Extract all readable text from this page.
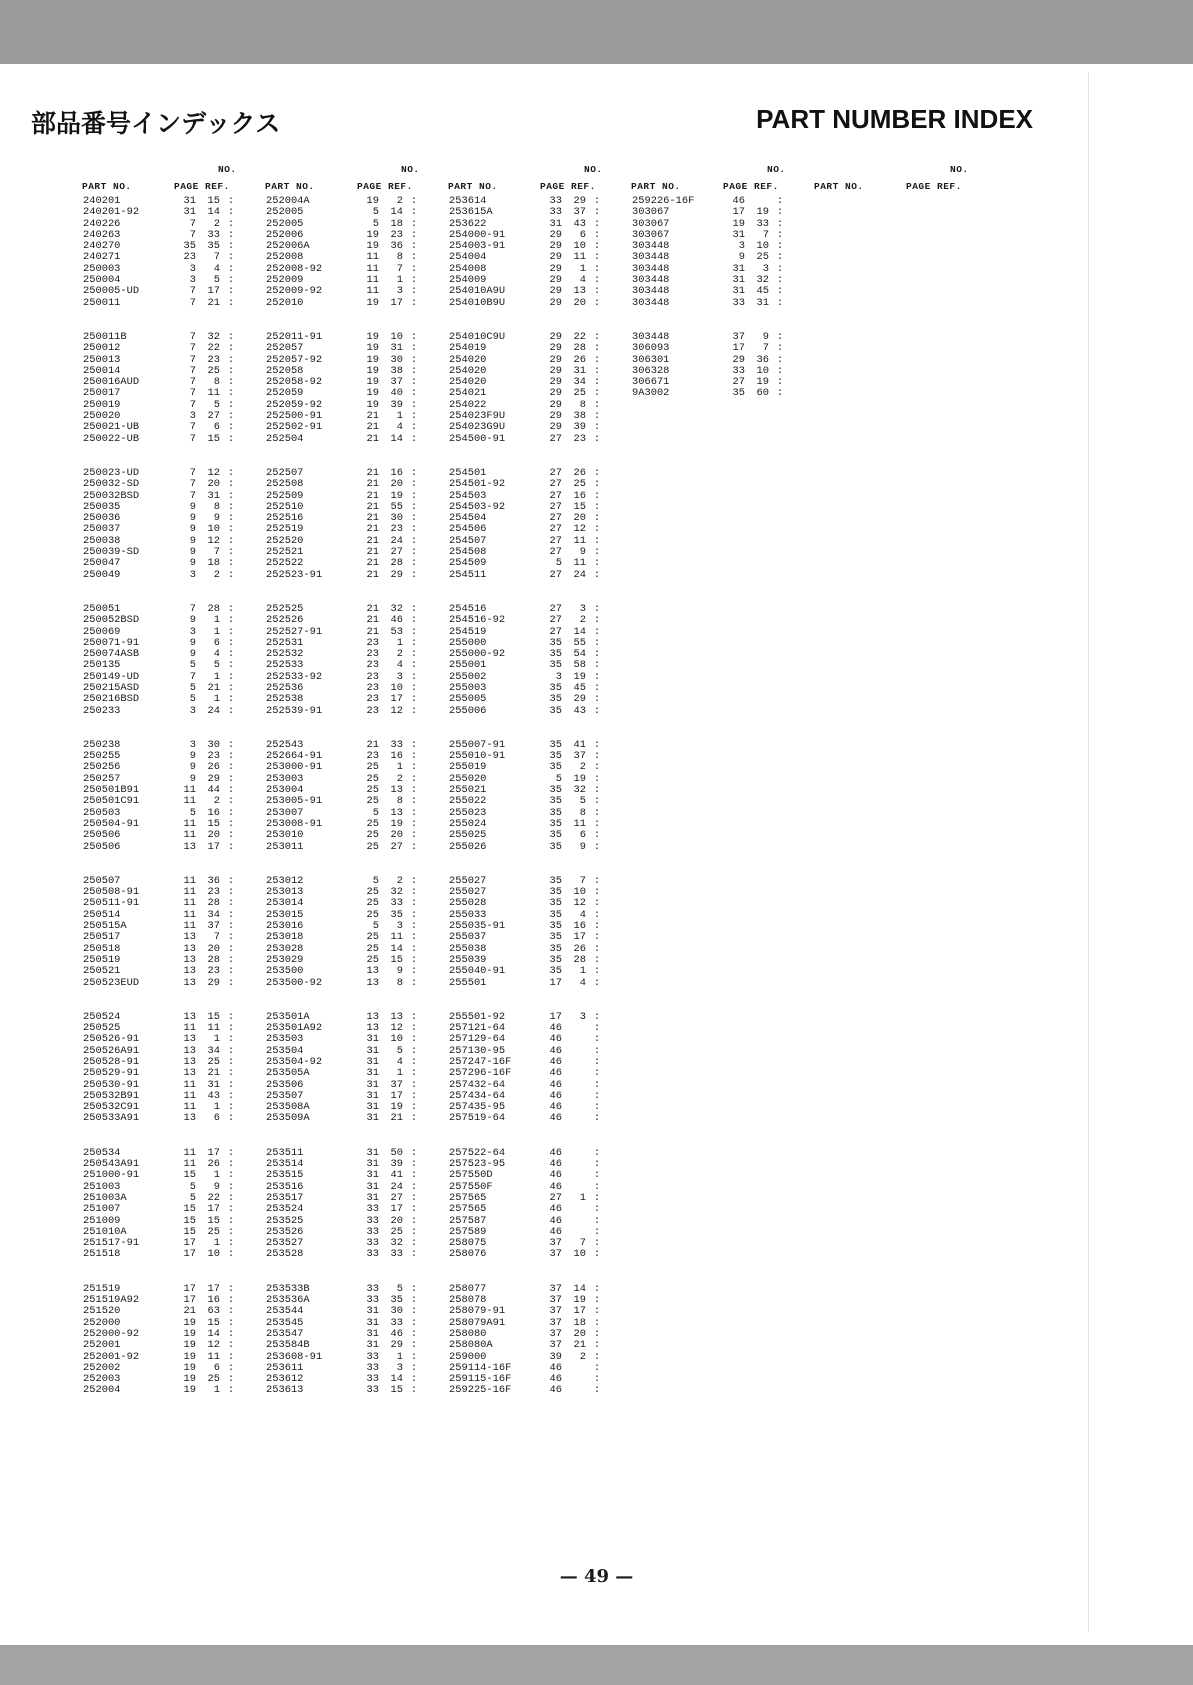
部品番号インデックス	PART NUMBER INDEX
NO.
PART NO.	PAGE REF.
240201	31	15 :
240201-92	31	14 :
240226	7	2 :
240263	7	33 :
240270	35	35 :
240271	23	7 :
250003	3	4 :
250004	3	5 :
250005-UD	7	17 :
250011	7	21 :
250011B	7	32 :
250012	7	22 :
250013	7	23 :
250014	7	25 :
250016AUD	7	8 :
250017	7	11 :
250019	7	5 :
250020	3	27 :
250021-UB	7	6 :
250022-UB	7	15 :
250023-UD	7	12 :
250032-SD	7	20 :
250032BSD	7	31 :
250035	9	8 :
250036	9	9 :
250037	9	10 :
250038	9	12 :
250039-SD	9	7 :
250047	9	18 :
250049	3	2 :
250051	7	28 :
250052BSD	9	1 :
250069	3	1 :
250071-91	9	6 :
250074ASB	9	4 :
250135	5	5 :
250149-UD	7	1 :
250215ASD	5	21 :
250216BSD	5	1 :
250233	3	24 :
250238	3	30 :
250255	9	23 :
250256	9	26 :
250257	9	29 :
250501B91	11	44 :
250501C91	11	2 :
250503	5	16 :
250504-91	11	15 :
250506	11	20 :
250506	13	17 :
250507	11	36 :
250508-91	11	23 :
250511-91	11	28 :
250514	11	34 :
250515A	11	37 :
250517	13	7 :
250518	13	20 :
250519	13	28 :
250521	13	23 :
250523EUD	13	29 :
250524	13	15 :
250525	11	11 :
250526-91	13	1 :
250526A91	13	34 :
250528-91	13	25 :
250529-91	13	21 :
250530-91	11	31 :
250532B91	11	43 :
250532C91	11	1 :
250533A91	13	6 :
250534	11	17 :
250543A91	11	26 :
251000-91	15	1 :
251003	5	9 :
251003A	5	22 :
251007	15	17 :
251009	15	15 :
251010A	15	25 :
251517-91	17	1 :
251518	17	10 :
251519	17	17 :
251519A92	17	16 :
251520	21	63 :
252000	19	15 :
252000-92	19	14 :
252001	19	12 :
252001-92	19	11 :
252002	19	6 :
252003	19	25 :
252004	19	1 :
NO.
PART NO.	PAGE REF.
252004A	19	2 :
252005	5	14 :
252005	5	18 :
252006	19	23 :
252006A	19	36 :
252008	11	8 :
252008-92	11	7 :
252009	11	1 :
252009-92	11	3 :
252010	19	17 :
252011-91	19	10 :
252057	19	31 :
252057-92	19	30 :
252058	19	38 :
252058-92	19	37 :
252059	19	40 :
252059-92	19	39 :
252500-91	21	1 :
252502-91	21	4 :
252504	21	14 :
252507	21	16 :
252508	21	20 :
252509	21	19 :
252510	21	55 :
252516	21	30 :
252519	21	23 :
252520	21	24 :
252521	21	27 :
252522	21	28 :
252523-91	21	29 :
252525	21	32 :
252526	21	46 :
252527-91	21	53 :
252531	23	1 :
252532	23	2 :
252533	23	4 :
252533-92	23	3 :
252536	23	10 :
252538	23	17 :
252539-91	23	12 :
252543	21	33 :
252664-91	23	16 :
253000-91	25	1 :
253003	25	2 :
253004	25	13 :
253005-91	25	8 :
253007	5	13 :
253008-91	25	19 :
253010	25	20 :
253011	25	27 :
253012	5	2 :
253013	25	32 :
253014	25	33 :
253015	25	35 :
253016	5	3 :
253018	25	11 :
253028	25	14 :
253029	25	15 :
253500	13	9 :
253500-92	13	8 :
253501A	13	13 :
253501A92	13	12 :
253503	31	10 :
253504	31	5 :
253504-92	31	4 :
253505A	31	1 :
253506	31	37 :
253507	31	17 :
253508A	31	19 :
253509A	31	21 :
253511	31	50 :
253514	31	39 :
253515	31	41 :
253516	31	24 :
253517	31	27 :
253524	33	17 :
253525	33	20 :
253526	33	25 :
253527	33	32 :
253528	33	33 :
253533B	33	5 :
253536A	33	35 :
253544	31	30 :
253545	31	33 :
253547	31	46 :
253584B	31	29 :
253608-91	33	1 :
253611	33	3 :
253612	33	14 :
253613	33	15 :
NO.
PART NO.	PAGE REF.
253614	33	29 :
253615A	33	37 :
253622	31	43 :
254000-91	29	6 :
254003-91	29	10 :
254004	29	11 :
254008	29	1 :
254009	29	4 :
254010A9U	29	13 :
254010B9U	29	20 :
254010C9U	29	22 :
254019	29	28 :
254020	29	26 :
254020	29	31 :
254020	29	34 :
254021	29	25 :
254022	29	8 :
254023F9U	29	38 :
254023G9U	29	39 :
254500-91	27	23 :
254501	27	26 :
254501-92	27	25 :
254503	27	16 :
254503-92	27	15 :
254504	27	20 :
254506	27	12 :
254507	27	11 :
254508	27	9 :
254509	5	11 :
254511	27	24 :
254516	27	3 :
254516-92	27	2 :
254519	27	14 :
255000	35	55 :
255000-92	35	54 :
255001	35	58 :
255002	3	19 :
255003	35	45 :
255005	35	29 :
255006	35	43 :
255007-91	35	41 :
255010-91	35	37 :
255019	35	2 :
255020	5	19 :
255021	35	32 :
255022	35	5 :
255023	35	8 :
255024	35	11 :
255025	35	6 :
255026	35	9 :
255027	35	7 :
255027	35	10 :
255028	35	12 :
255033	35	4 :
255035-91	35	16 :
255037	35	17 :
255038	35	26 :
255039	35	28 :
255040-91	35	1 :
255501	17	4 :
255501-92	17	3 :
257121-64	46	:
257129-64	46	:
257130-95	46	:
257247-16F	46	:
257296-16F	46	:
257432-64	46	:
257434-64	46	:
257435-95	46	:
257519-64	46	:
257522-64	46	:
257523-95	46	:
257550D	46	:
257550F	46	:
257565	27	1 :
257565	46	:
257587	46	:
257589	46	:
258075	37	7 :
258076	37	10 :
258077	37	14 :
258078	37	19 :
258079-91	37	17 :
258079A91	37	18 :
258080	37	20 :
258080A	37	21 :
259000	39	2 :
259114-16F	46	:
259115-16F	46	:
259225-16F	46	:
NO.
PART NO.	PAGE REF.
259226-16F	46	:
303067	17	19 :
303067	19	33 :
303067	31	7 :
303448	3	10 :
303448	9	25 :
303448	31	3 :
303448	31	32 :
303448	31	45 :
303448	33	31 :
303448	37	9 :
306093	17	7 :
306301	29	36 :
306328	33	10 :
306671	27	19 :
9A3002	35	60 :
NO.
PART NO.	PAGE REF.
— 49 —
